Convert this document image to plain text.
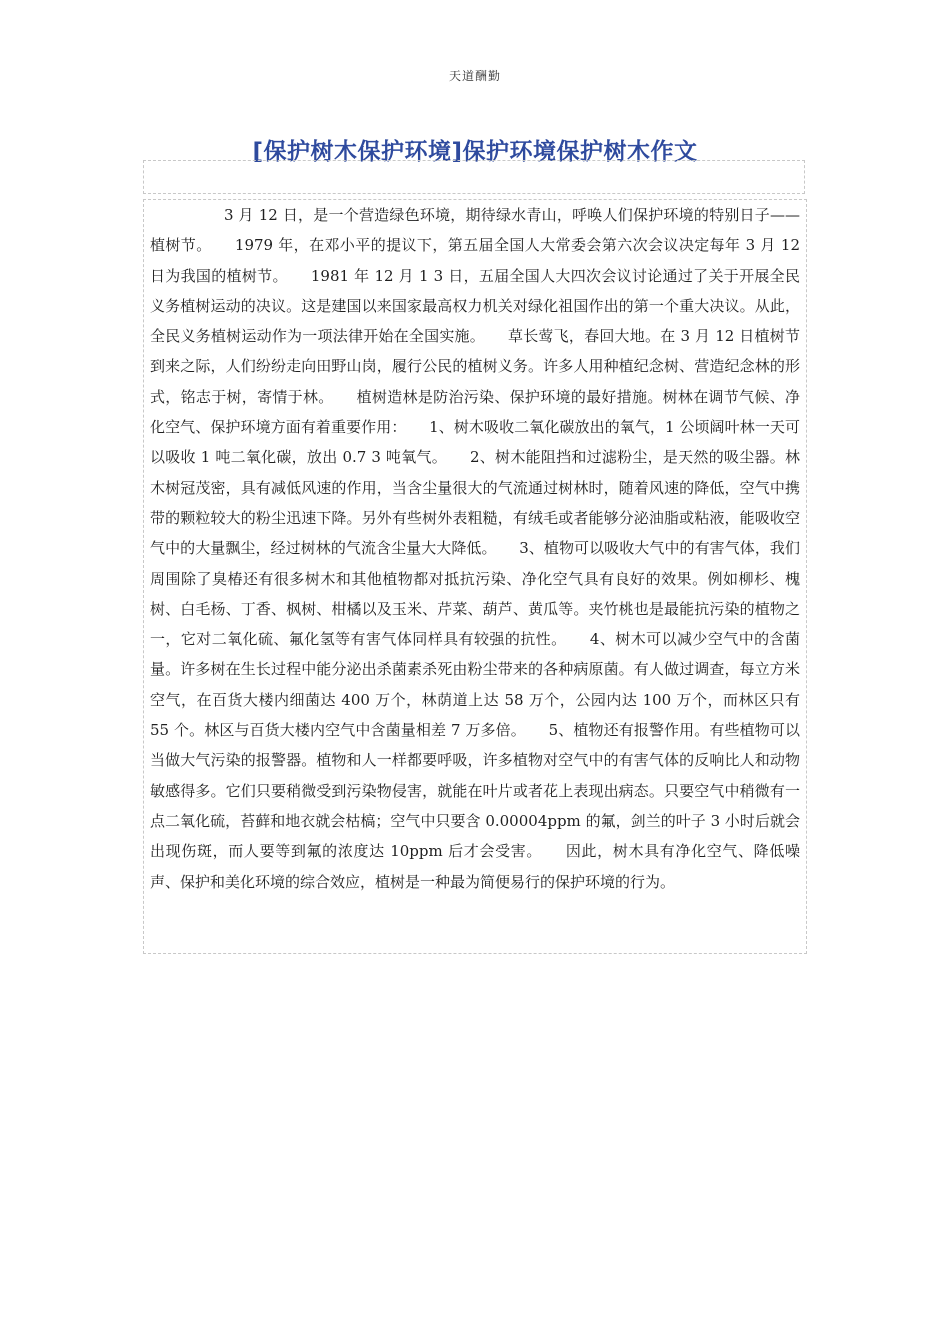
天道酬勤
[保护树木保护环境]保护环境保护树木作文

3 月 12 日，是一个营造绿色环境，期待绿水青山，呼唤人们保护环境的特别日子——植树节。　　1979 年，在邓小平的提议下，第五届全国人大常委会第六次会议决定每年 3 月 12 日为我国的植树节。　　1981 年 12 月 1 3 日，五届全国人大四次会议讨论通过了关于开展全民义务植树运动的决议。这是建国以来国家最高权力机关对绿化祖国作出的第一个重大决议。从此，全民义务植树运动作为一项法律开始在全国实施。　　草长莺飞，春回大地。在 3 月 12 日植树节到来之际，人们纷纷走向田野山岗，履行公民的植树义务。许多人用种植纪念树、营造纪念林的形式，铭志于树，寄情于林。　　植树造林是防治污染、保护环境的最好措施。树林在调节气候、净化空气、保护环境方面有着重要作用：　　1、树木吸收二氧化碳放出的氧气，1 公顷阔叶林一天可以吸收 1 吨二氧化碳，放出 0.7 3 吨氧气。　　2、树木能阻挡和过滤粉尘，是天然的吸尘器。林木树冠茂密，具有减低风速的作用，当含尘量很大的气流通过树林时，随着风速的降低，空气中携带的颗粒较大的粉尘迅速下降。另外有些树外表粗糙，有绒毛或者能够分泌油脂或粘液，能吸收空气中的大量飘尘，经过树林的气流含尘量大大降低。　　3、植物可以吸收大气中的有害气体，我们周围除了臭椿还有很多树木和其他植物都对抵抗污染、净化空气具有良好的效果。例如柳杉、槐树、白毛杨、丁香、枫树、柑橘以及玉米、芹菜、葫芦、黄瓜等。夹竹桃也是最能抗污染的植物之一，它对二氧化硫、氟化氢等有害气体同样具有较强的抗性。　　4、树木可以减少空气中的含菌量。许多树在生长过程中能分泌出杀菌素杀死由粉尘带来的各种病原菌。有人做过调查，每立方米空气，在百货大楼内细菌达 400 万个，林荫道上达 58 万个，公园内达 100 万个，而林区只有 55 个。林区与百货大楼内空气中含菌量相差 7 万多倍。　　5、植物还有报警作用。有些植物可以当做大气污染的报警器。植物和人一样都要呼吸，许多植物对空气中的有害气体的反响比人和动物敏感得多。它们只要稍微受到污染物侵害，就能在叶片或者花上表现出病态。只要空气中稍微有一点二氧化硫，苔藓和地衣就会枯槁；空气中只要含 0.00004ppm 的氟，剑兰的叶子 3 小时后就会出现伤斑，而人要等到氟的浓度达 10ppm 后才会受害。　　因此，树木具有净化空气、降低噪声、保护和美化环境的综合效应，植树是一种最为简便易行的保护环境的行为。
